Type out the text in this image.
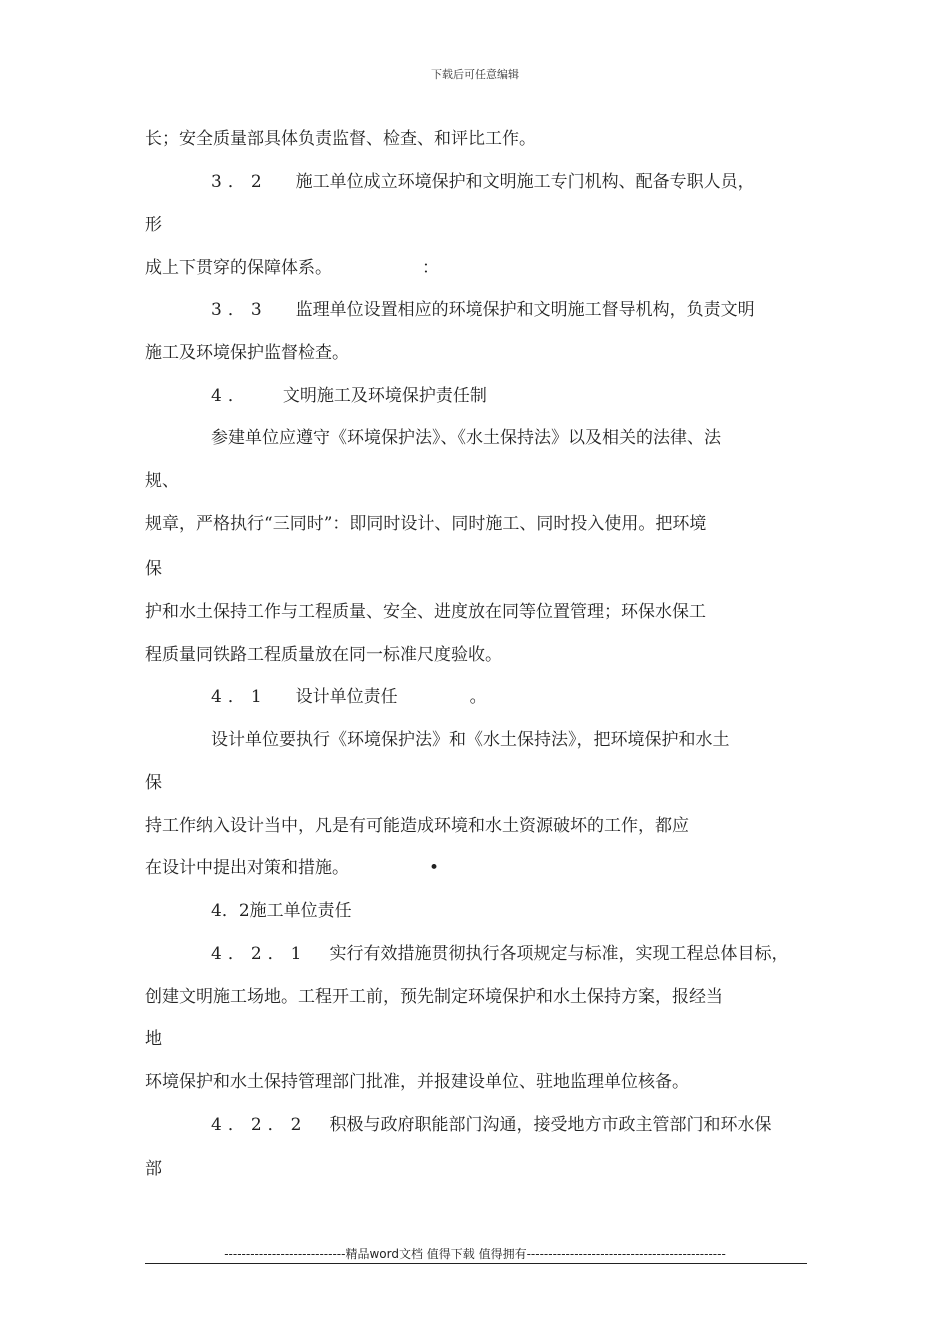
下载后可任意编辑
长；安全质量部具体负责监督、检查、和评比工作。
3．2 施工单位成立环境保护和文明施工专门机构、配备专职人员，
形
成上下贯穿的保障体系。	：
3．3 监理单位设置相应的环境保护和文明施工督导机构，负责文明
施工及环境保护监督检查。
4． 文明施工及环境保护责任制
参建单位应遵守《环境保护法》、《水土保持法》以及相关的法律、法
规、
规章，严格执行“三同时”：即同时设计、同时施工、同时投入使用。把环境
保
护和水土保持工作与工程质量、安全、进度放在同等位置管理；环保水保工
程质量同铁路工程质量放在同一标准尺度验收。
4．1 设计单位责任	。
设计单位要执行《环境保护法》和《水土保持法》，把环境保护和水土
保
持工作纳入设计当中，凡是有可能造成环境和水土资源破坏的工作，都应
在设计中提出对策和措施。	•
4．2施工单位责任
4．2．1 实行有效措施贯彻执行各项规定与标准，实现工程总体目标，
创建文明施工场地。工程开工前，预先制定环境保护和水土保持方案，报经当
地
环境保护和水土保持管理部门批准，并报建设单位、驻地监理单位核备。
4．2．2 积极与政府职能部门沟通，接受地方市政主管部门和环水保
部
----------------------------精品word文档 值得下载 值得拥有----------------------------------------------
